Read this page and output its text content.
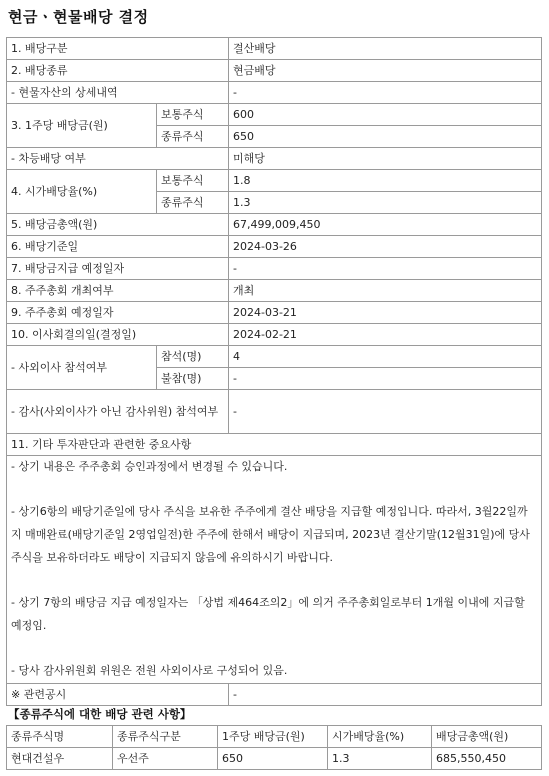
현금ㆍ현물배당 결정
1. 배당구분		결산배당
2. 배당종류		현금배당
- 현물자산의 상세내역		-
3. 1주당 배당금(원)	보통주식	600
	종류주식	650
- 차등배당 여부		미해당
4. 시가배당율(%)	보통주식	1.8
	종류주식	1.3
5. 배당금총액(원)		67,499,009,450
6. 배당기준일		2024-03-26
7. 배당금지급 예정일자		-
8. 주주총회 개최여부		개최
9. 주주총회 예정일자		2024-03-21
10. 이사회결의일(결정일)		2024-02-21
- 사외이사 참석여부	참석(명)	4
	불참(명)	-
- 감사(사외이사가 아닌 감사위원) 참석여부		-
11. 기타 투자판단과 관련한 중요사항		

- 상기 내용은 주주총회 승인과정에서 변경될 수 있습니다.

- 상기6항의 배당기준일에 당사 주식을 보유한 주주에게 결산 배당을 지급할 예정입니다. 따라서, 3월22일까지 매매완료(배당기준일 2영업일전)한 주주에 한해서 배당이 지급되며, 2023년 결산기말(12월31일)에 당사 주식을 보유하더라도 배당이 지급되지 않음에 유의하시기 바랍니다.

- 상기 7항의 배당금 지급 예정일자는 「상법 제464조의2」에 의거 주주총회일로부터 1개월 이내에 지급할 예정임.

- 당사 감사위원회 위원은 전원 사외이사로 구성되어 있음.		

※ 관련공시		-
【종류주식에 대한 배당 관련 사항】
종류주식명	종류주식구분	1주당 배당금(원)	시가배당율(%)	배당금총액(원)
현대건설우	우선주	650	1.3	685,550,450
